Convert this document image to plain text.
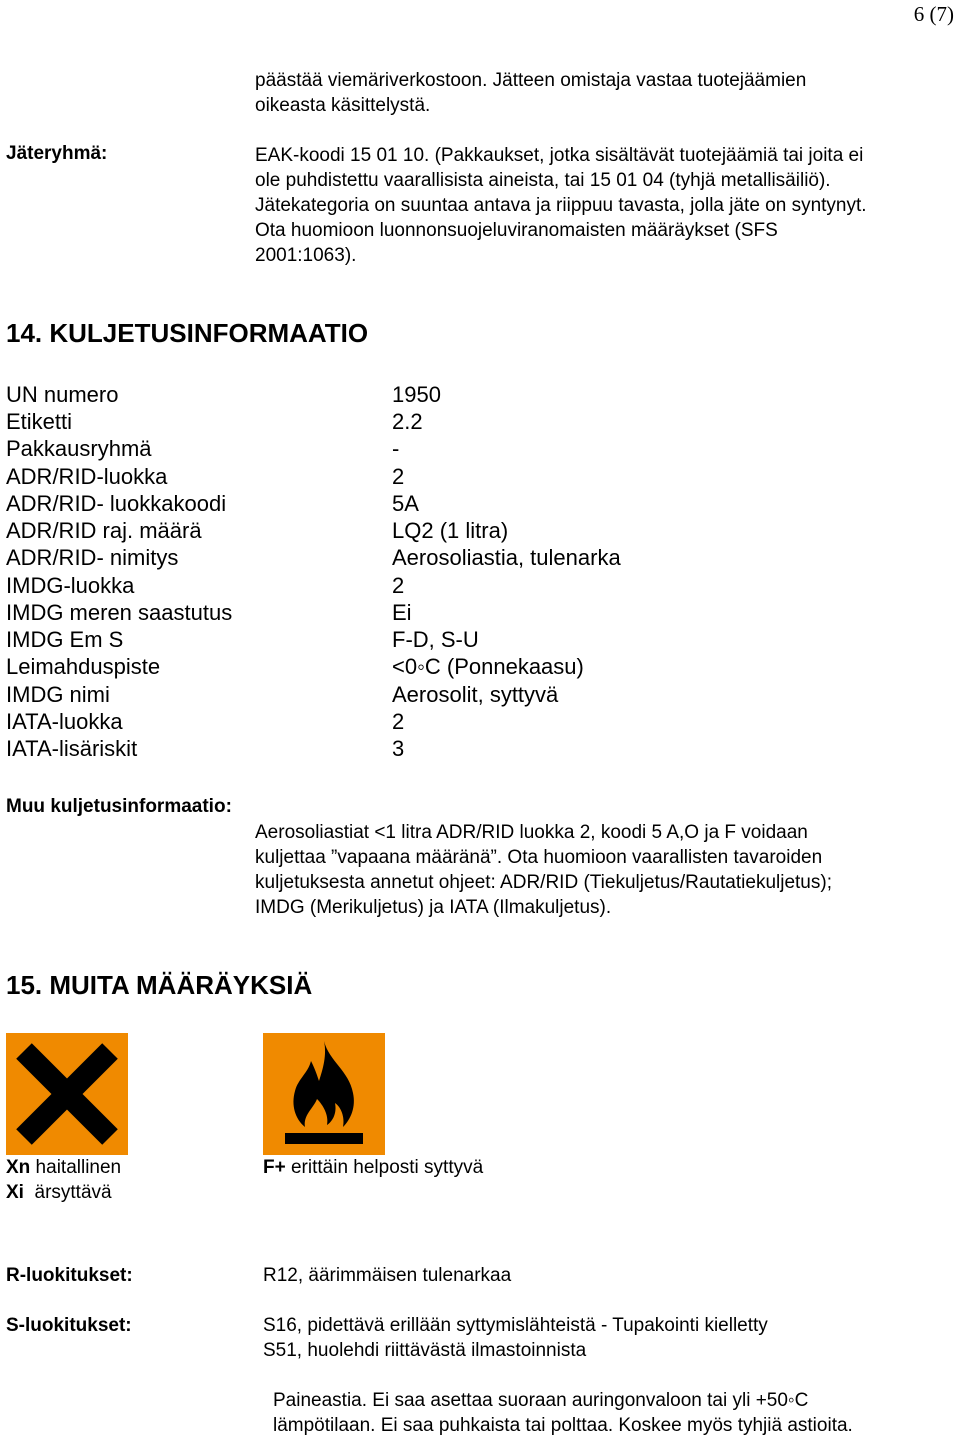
6 (7)
päästää viemäriverkostoon. Jätteen omistaja vastaa tuotejäämien
oikeasta käsittelystä.
Jäteryhmä:	EAK-koodi 15 01 10. (Pakkaukset, jotka sisältävät tuotejäämiä tai joita ei
ole puhdistettu vaarallisista aineista, tai 15 01 04 (tyhjä metallisäiliö).
Jätekategoria on suuntaa antava ja riippuu tavasta, jolla jäte on syntynyt.
Ota huomioon luonnonsuojeluviranomaisten määräykset (SFS
2001:1063).
14. KULJETUSINFORMAATIO
UN numero	1950
Etiketti	2.2
Pakkausryhmä	-
ADR/RID-luokka	2
ADR/RID- luokkakoodi	5A
ADR/RID raj. määrä	LQ2 (1 litra)
ADR/RID- nimitys	Aerosoliastia, tulenarka
IMDG-luokka	2
IMDG meren saastutus	Ei
IMDG Em S	F-D, S-U
Leimahduspiste	<0◦C (Ponnekaasu)
IMDG nimi	Aerosolit, syttyvä
IATA-luokka	2
IATA-lisäriskit	3
Muu kuljetusinformaatio:
Aerosoliastiat <1 litra ADR/RID luokka 2, koodi 5 A,O ja F voidaan
kuljettaa ”vapaana määränä”. Ota huomioon vaarallisten tavaroiden
kuljetuksesta annetut ohjeet: ADR/RID (Tiekuljetus/Rautatiekuljetus);
IMDG (Merikuljetus) ja IATA (Ilmakuljetus).
15. MUITA MÄÄRÄYKSIÄ
Xn haitallinen
Xi  ärsyttävä
F+ erittäin helposti syttyvä
R-luokitukset:	R12, äärimmäisen tulenarkaa
S-luokitukset:	S16, pidettävä erillään syttymislähteistä - Tupakointi kielletty
S51, huolehdi riittävästä ilmastoinnista
Paineastia. Ei saa asettaa suoraan auringonvaloon tai yli +50◦C
lämpötilaan. Ei saa puhkaista tai polttaa. Koskee myös tyhjiä astioita.
